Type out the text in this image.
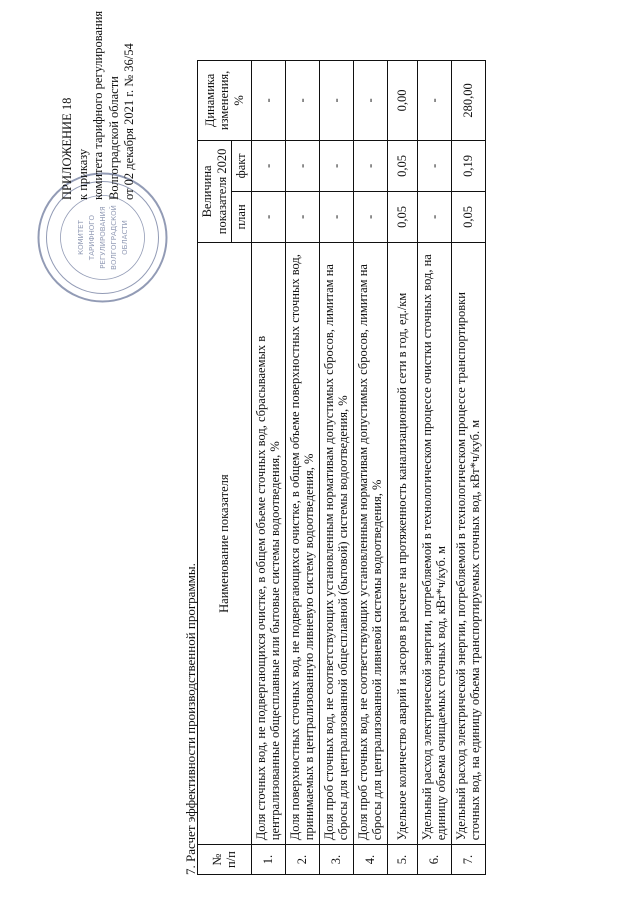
КОМИТЕТ ТАРИФНОГО РЕГУЛИРОВАНИЯ ВОЛГОГРАДСКОЙ ОБЛАСТИ
ПРИЛОЖЕНИЕ 18 к приказу комитета тарифного регулирования Волгоградской области от 02 декабря 2021 г. № 36/54
7. Расчет эффективности производственной программы. № п/п	Наименование показателя	Величина показателя 2020		Динамика изменения, %
		план	факт	
1.	Доля сточных вод, не подвергающихся очистке, в общем объеме сточных вод, сбрасываемых в централизованные общесплавные или бытовые системы водоотведения, %	-	-	-
2.	Доля поверхностных сточных вод, не подвергающихся очистке, в общем объеме поверхностных сточных вод, принимаемых в централизованную ливневую систему водоотведения, %	-	-	-
3.	Доля проб сточных вод, не соответствующих установленным нормативам допустимых сбросов, лимитам на сбросы для централизованной общесплавной (бытовой) системы водоотведения, %	-	-	-
4.	Доля проб сточных вод, не соответствующих установленным нормативам допустимых сбросов, лимитам на сбросы для централизованной ливневой системы водоотведения, %	-	-	-
5.	Удельное количество аварий и засоров в расчете на протяженность канализационной сети в год, ед./км	0,05	0,05	0,00
6.	Удельный расход электрической энергии, потребляемой в технологическом процессе очистки сточных вод, на единицу объема очищаемых сточных вод, кВт*ч/куб. м	-	-	-
7.	Удельный расход электрической энергии, потребляемой в технологическом процессе транспортировки сточных вод, на единицу объема транспортируемых сточных вод, кВт*ч/куб. м	0,05	0,19	280,00
